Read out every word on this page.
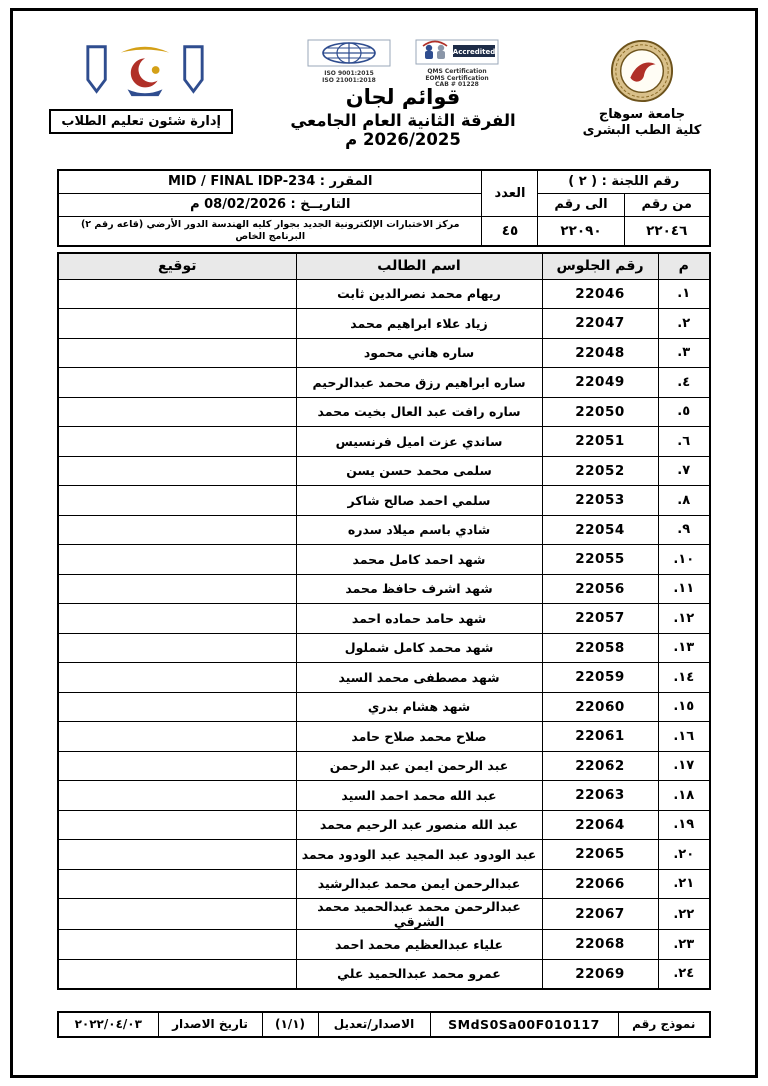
جامعة سوهاج
كلية الطب البشرى
Accredited
QMS Certification
EOMS Certification
CAB # 01228
ISO 9001:2015
ISO 21001:2018
قوائم لجان
الفرقة الثانية العام الجامعي 2026/2025 م
إدارة شئون تعليم الطلاب
رقم اللجنة : ( ٢ )		العدد	المقرر : MID / FINAL IDP-234
من رقم	الى رقم		التاريــخ : 08/02/2026 م
٢٢٠٤٦	٢٢٠٩٠	٤٥	مركز الاختبارات الإلكترونية الجديد بجوار كليه الهندسة الدور الأرضي (قاعه رقم ٢) البرنامج الخاص
م	رقم الجلوس	اسم الطالب	توقيع
١.	22046	ريهام محمد نصرالدين ثابت	
٢.	22047	زياد علاء ابراهيم محمد	
٣.	22048	ساره هاني محمود	
٤.	22049	ساره ابراهيم رزق محمد عبدالرحيم	
٥.	22050	ساره رافت عبد العال بخيت محمد	
٦.	22051	ساندي عزت اميل فرنسيس	
٧.	22052	سلمى محمد حسن يسن	
٨.	22053	سلمي احمد صالح شاكر	
٩.	22054	شادي باسم ميلاد سدره	
١٠.	22055	شهد احمد كامل محمد	
١١.	22056	شهد اشرف حافظ محمد	
١٢.	22057	شهد حامد حماده احمد	
١٣.	22058	شهد محمد كامل شملول	
١٤.	22059	شهد مصطفى محمد السيد	
١٥.	22060	شهد هشام بدري	
١٦.	22061	صلاح محمد صلاح حامد	
١٧.	22062	عبد الرحمن ايمن عبد الرحمن	
١٨.	22063	عبد الله محمد احمد السيد	
١٩.	22064	عبد الله منصور عبد الرحيم محمد	
٢٠.	22065	عبد الودود عبد المجيد عبد الودود محمد	
٢١.	22066	عبدالرحمن ايمن محمد عبدالرشيد	
٢٢.	22067	عبدالرحمن محمد عبدالحميد محمد الشرقي	
٢٣.	22068	علياء عبدالعظيم محمد احمد	
٢٤.	22069	عمرو محمد عبدالحميد علي	
نموذج رقم	SMdS0Sa00F010117	الاصدار/تعديل	(١/١)	تاريخ الاصدار	٢٠٢٢/٠٤/٠٣
